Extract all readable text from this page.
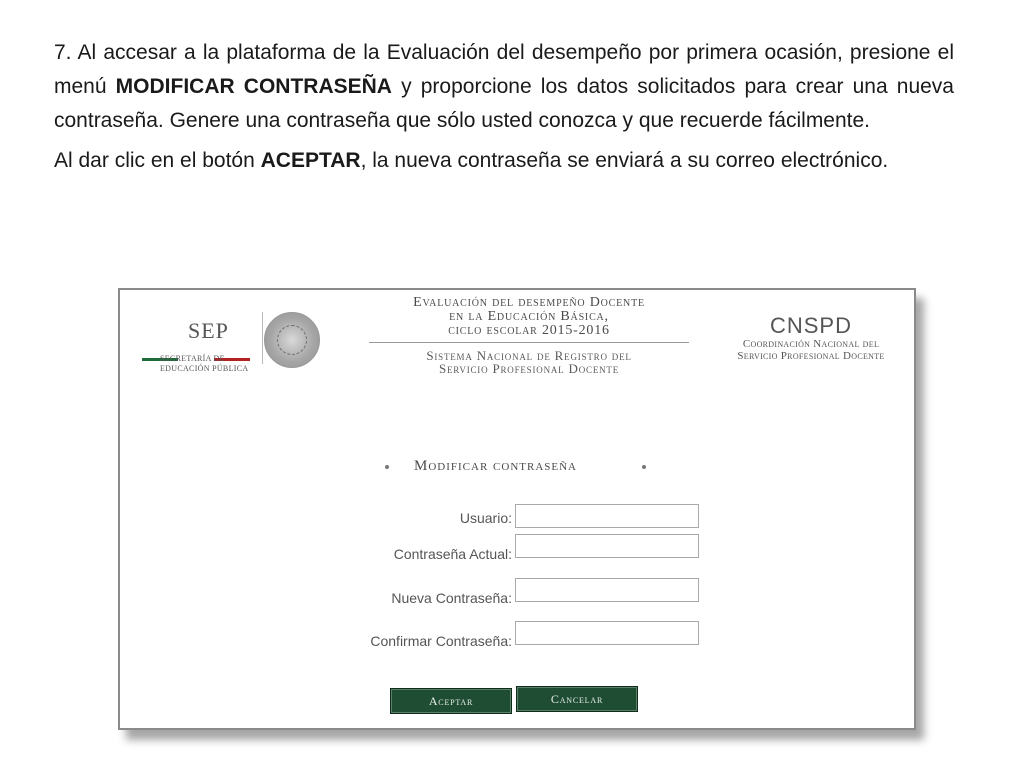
7. Al accesar a la plataforma de la Evaluación del desempeño por primera ocasión, presione el menú MODIFICAR CONTRASEÑA y proporcione los datos solicitados para crear una nueva contraseña. Genere una contraseña que sólo usted conozca y que recuerde fácilmente.

Al dar clic en el botón ACEPTAR, la nueva contraseña se enviará a su correo electrónico.

SEP
SECRETARÍA DE
EDUCACIÓN PÚBLICA
Evaluación del desempeño Docente
en la Educación Básica,
ciclo escolar 2015-2016
Sistema Nacional de Registro del
Servicio Profesional Docente
CNSPD
Coordinación Nacional del
Servicio Profesional Docente
Modificar contraseña
Usuario:
Contraseña Actual:
Nueva Contraseña:
Confirmar Contraseña:
Aceptar	Cancelar
